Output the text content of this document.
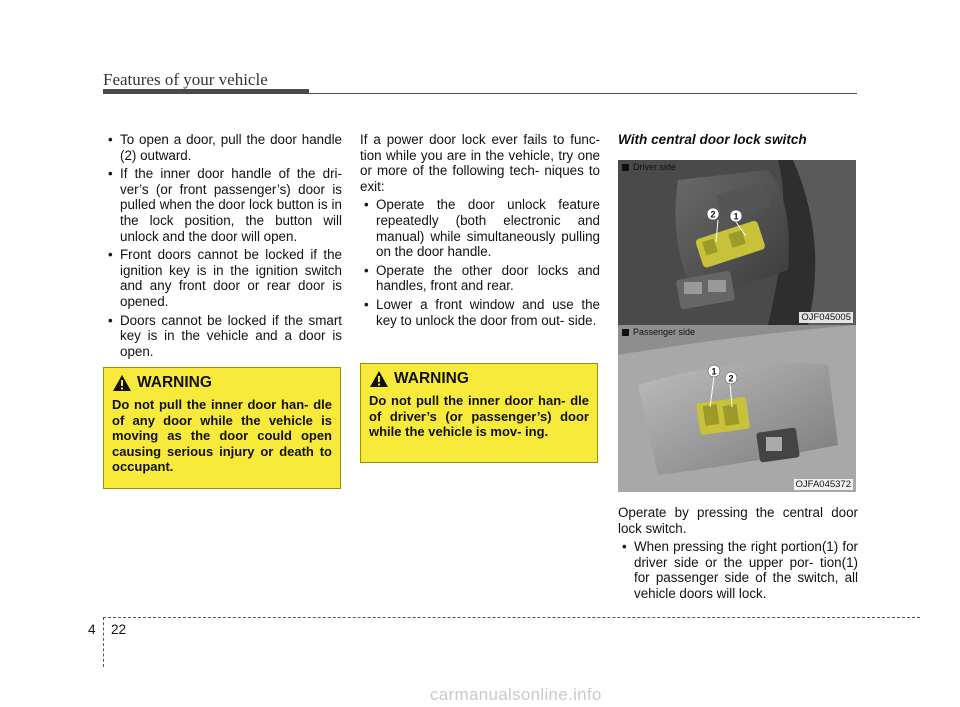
Features of your vehicle
• To open a door, pull the door handle (2) outward.
• If the inner door handle of the dri- ver’s (or front passenger’s) door is pulled when the door lock button is in the lock position, the button will unlock and the door will open.
• Front doors cannot be locked if the ignition key is in the ignition switch and any front door or rear door is opened.
• Doors cannot be locked if the smart key is in the vehicle and a door is open.
WARNING
Do not pull the inner door han- dle of any door while the vehicle is moving as the door could open causing serious injury or death to occupant.

If a power door lock ever fails to func- tion while you are in the vehicle, try one or more of the following tech- niques to exit:

• Operate the door unlock feature repeatedly (both electronic and manual) while simultaneously pulling on the door handle.
• Operate the other door locks and handles, front and rear.
• Lower a front window and use the key to unlock the door from out- side.
WARNING
Do not pull the inner door han- dle of driver’s (or passenger’s) door while the vehicle is mov- ing.
With central door lock switch
2 1
Driver side
OJF045005
1
2
Passenger side
OJFA045372

Operate by pressing the central door lock switch.

• When pressing the right portion(1) for driver side or the upper por- tion(1) for passenger side of the switch, all vehicle doors will lock.
4 22
carmanualsonline.info
